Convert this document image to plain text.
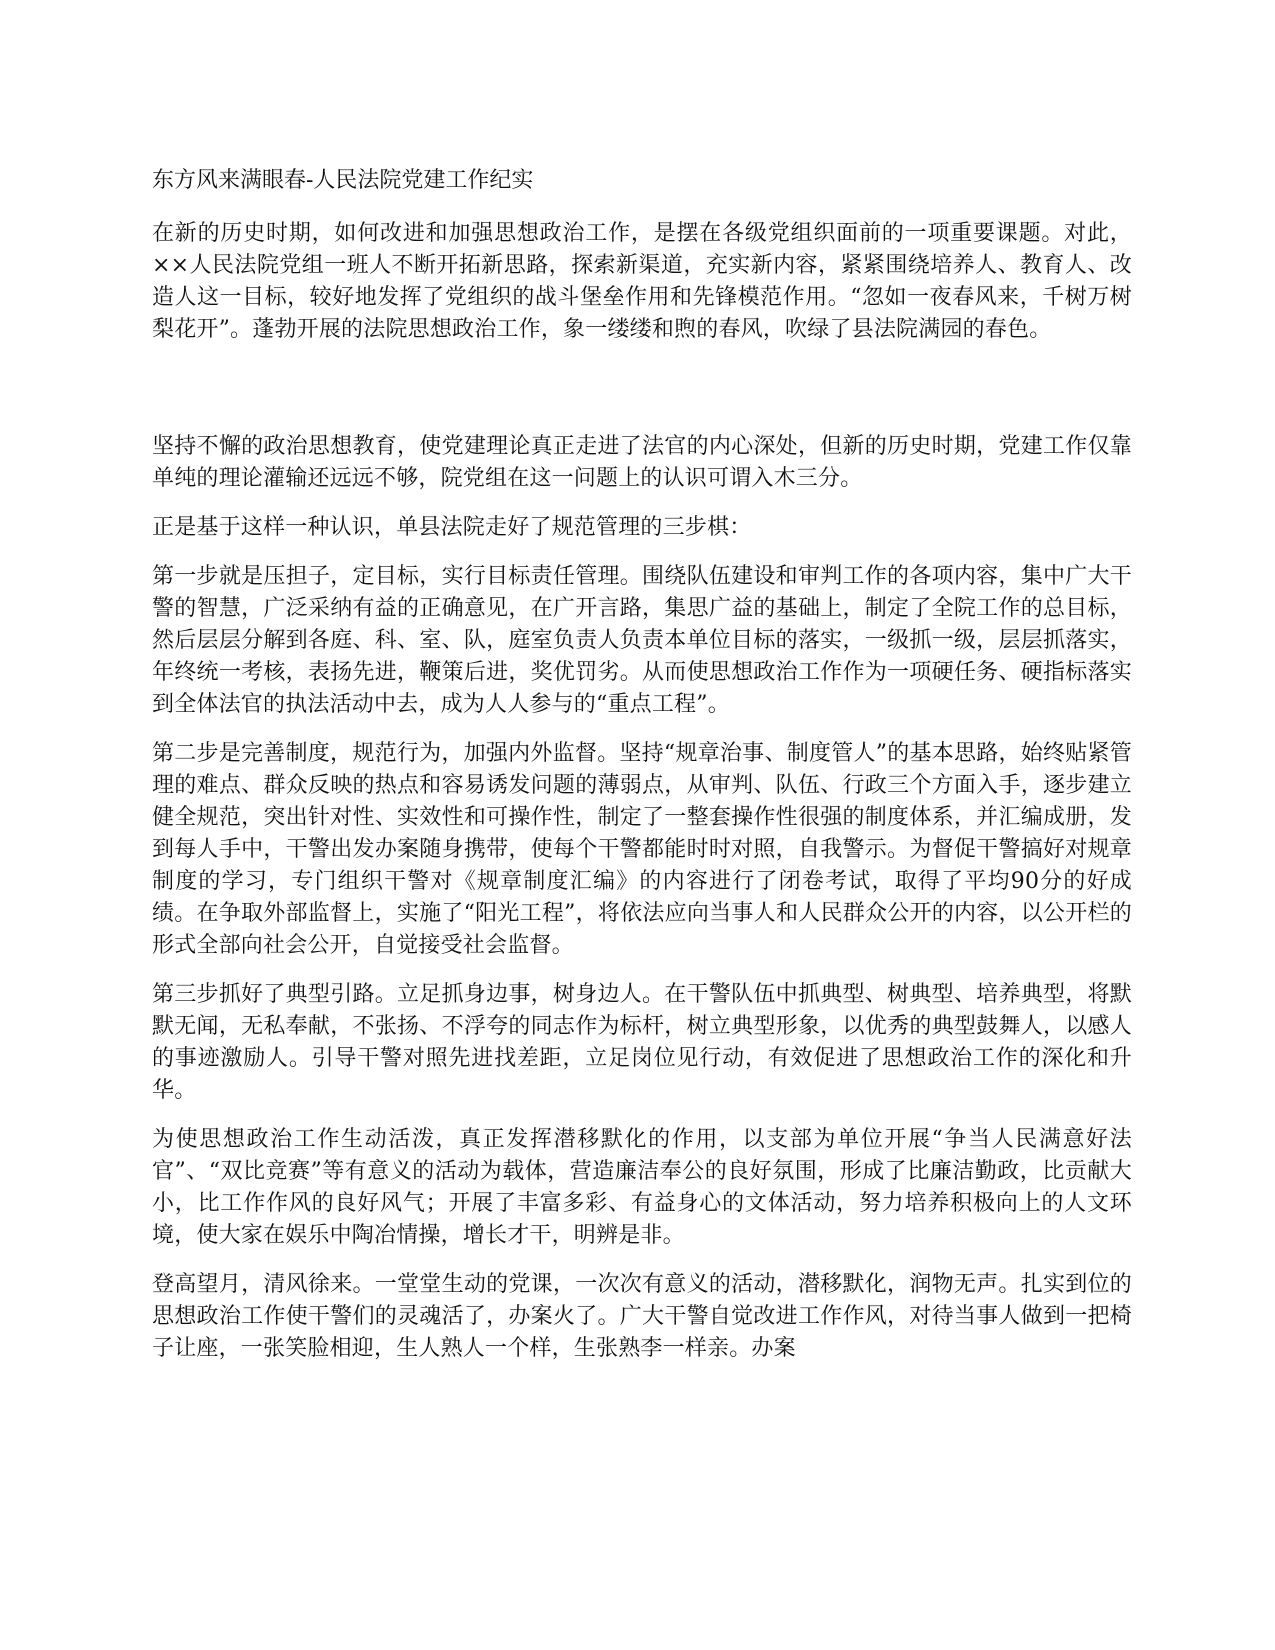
东方风来满眼春-人民法院党建工作纪实

在新的历史时期，如何改进和加强思想政治工作，是摆在各级党组织面前的一项重要课题。对此，××人民法院党组一班人不断开拓新思路，探索新渠道，充实新内容，紧紧围绕培养人、教育人、改造人这一目标，较好地发挥了党组织的战斗堡垒作用和先锋模范作用。“忽如一夜春风来，千树万树梨花开”。蓬勃开展的法院思想政治工作，象一缕缕和煦的春风，吹绿了县法院满园的春色。

坚持不懈的政治思想教育，使党建理论真正走进了法官的内心深处，但新的历史时期，党建工作仅靠单纯的理论灌输还远远不够，院党组在这一问题上的认识可谓入木三分。

正是基于这样一种认识，单县法院走好了规范管理的三步棋：

第一步就是压担子，定目标，实行目标责任管理。围绕队伍建设和审判工作的各项内容，集中广大干警的智慧，广泛采纳有益的正确意见，在广开言路，集思广益的基础上，制定了全院工作的总目标，然后层层分解到各庭、科、室、队，庭室负责人负责本单位目标的落实，一级抓一级，层层抓落实，年终统一考核，表扬先进，鞭策后进，奖优罚劣。从而使思想政治工作作为一项硬任务、硬指标落实到全体法官的执法活动中去，成为人人参与的“重点工程”。

第二步是完善制度，规范行为，加强内外监督。坚持“规章治事、制度管人”的基本思路，始终贴紧管理的难点、群众反映的热点和容易诱发问题的薄弱点，从审判、队伍、行政三个方面入手，逐步建立健全规范，突出针对性、实效性和可操作性，制定了一整套操作性很强的制度体系，并汇编成册，发到每人手中，干警出发办案随身携带，使每个干警都能时时对照，自我警示。为督促干警搞好对规章制度的学习，专门组织干警对《规章制度汇编》的内容进行了闭卷考试，取得了平均90分的好成绩。在争取外部监督上，实施了“阳光工程”，将依法应向当事人和人民群众公开的内容，以公开栏的形式全部向社会公开，自觉接受社会监督。

第三步抓好了典型引路。立足抓身边事，树身边人。在干警队伍中抓典型、树典型、培养典型，将默默无闻，无私奉献，不张扬、不浮夸的同志作为标杆，树立典型形象，以优秀的典型鼓舞人，以感人的事迹激励人。引导干警对照先进找差距，立足岗位见行动，有效促进了思想政治工作的深化和升华。

为使思想政治工作生动活泼，真正发挥潜移默化的作用，以支部为单位开展“争当人民满意好法官”、“双比竞赛”等有意义的活动为载体，营造廉洁奉公的良好氛围，形成了比廉洁勤政，比贡献大小，比工作作风的良好风气；开展了丰富多彩、有益身心的文体活动，努力培养积极向上的人文环境，使大家在娱乐中陶冶情操，增长才干，明辨是非。

登高望月，清风徐来。一堂堂生动的党课，一次次有意义的活动，潜移默化，润物无声。扎实到位的思想政治工作使干警们的灵魂活了，办案火了。广大干警自觉改进工作作风，对待当事人做到一把椅子让座，一张笑脸相迎，生人熟人一个样，生张熟李一样亲。办案
